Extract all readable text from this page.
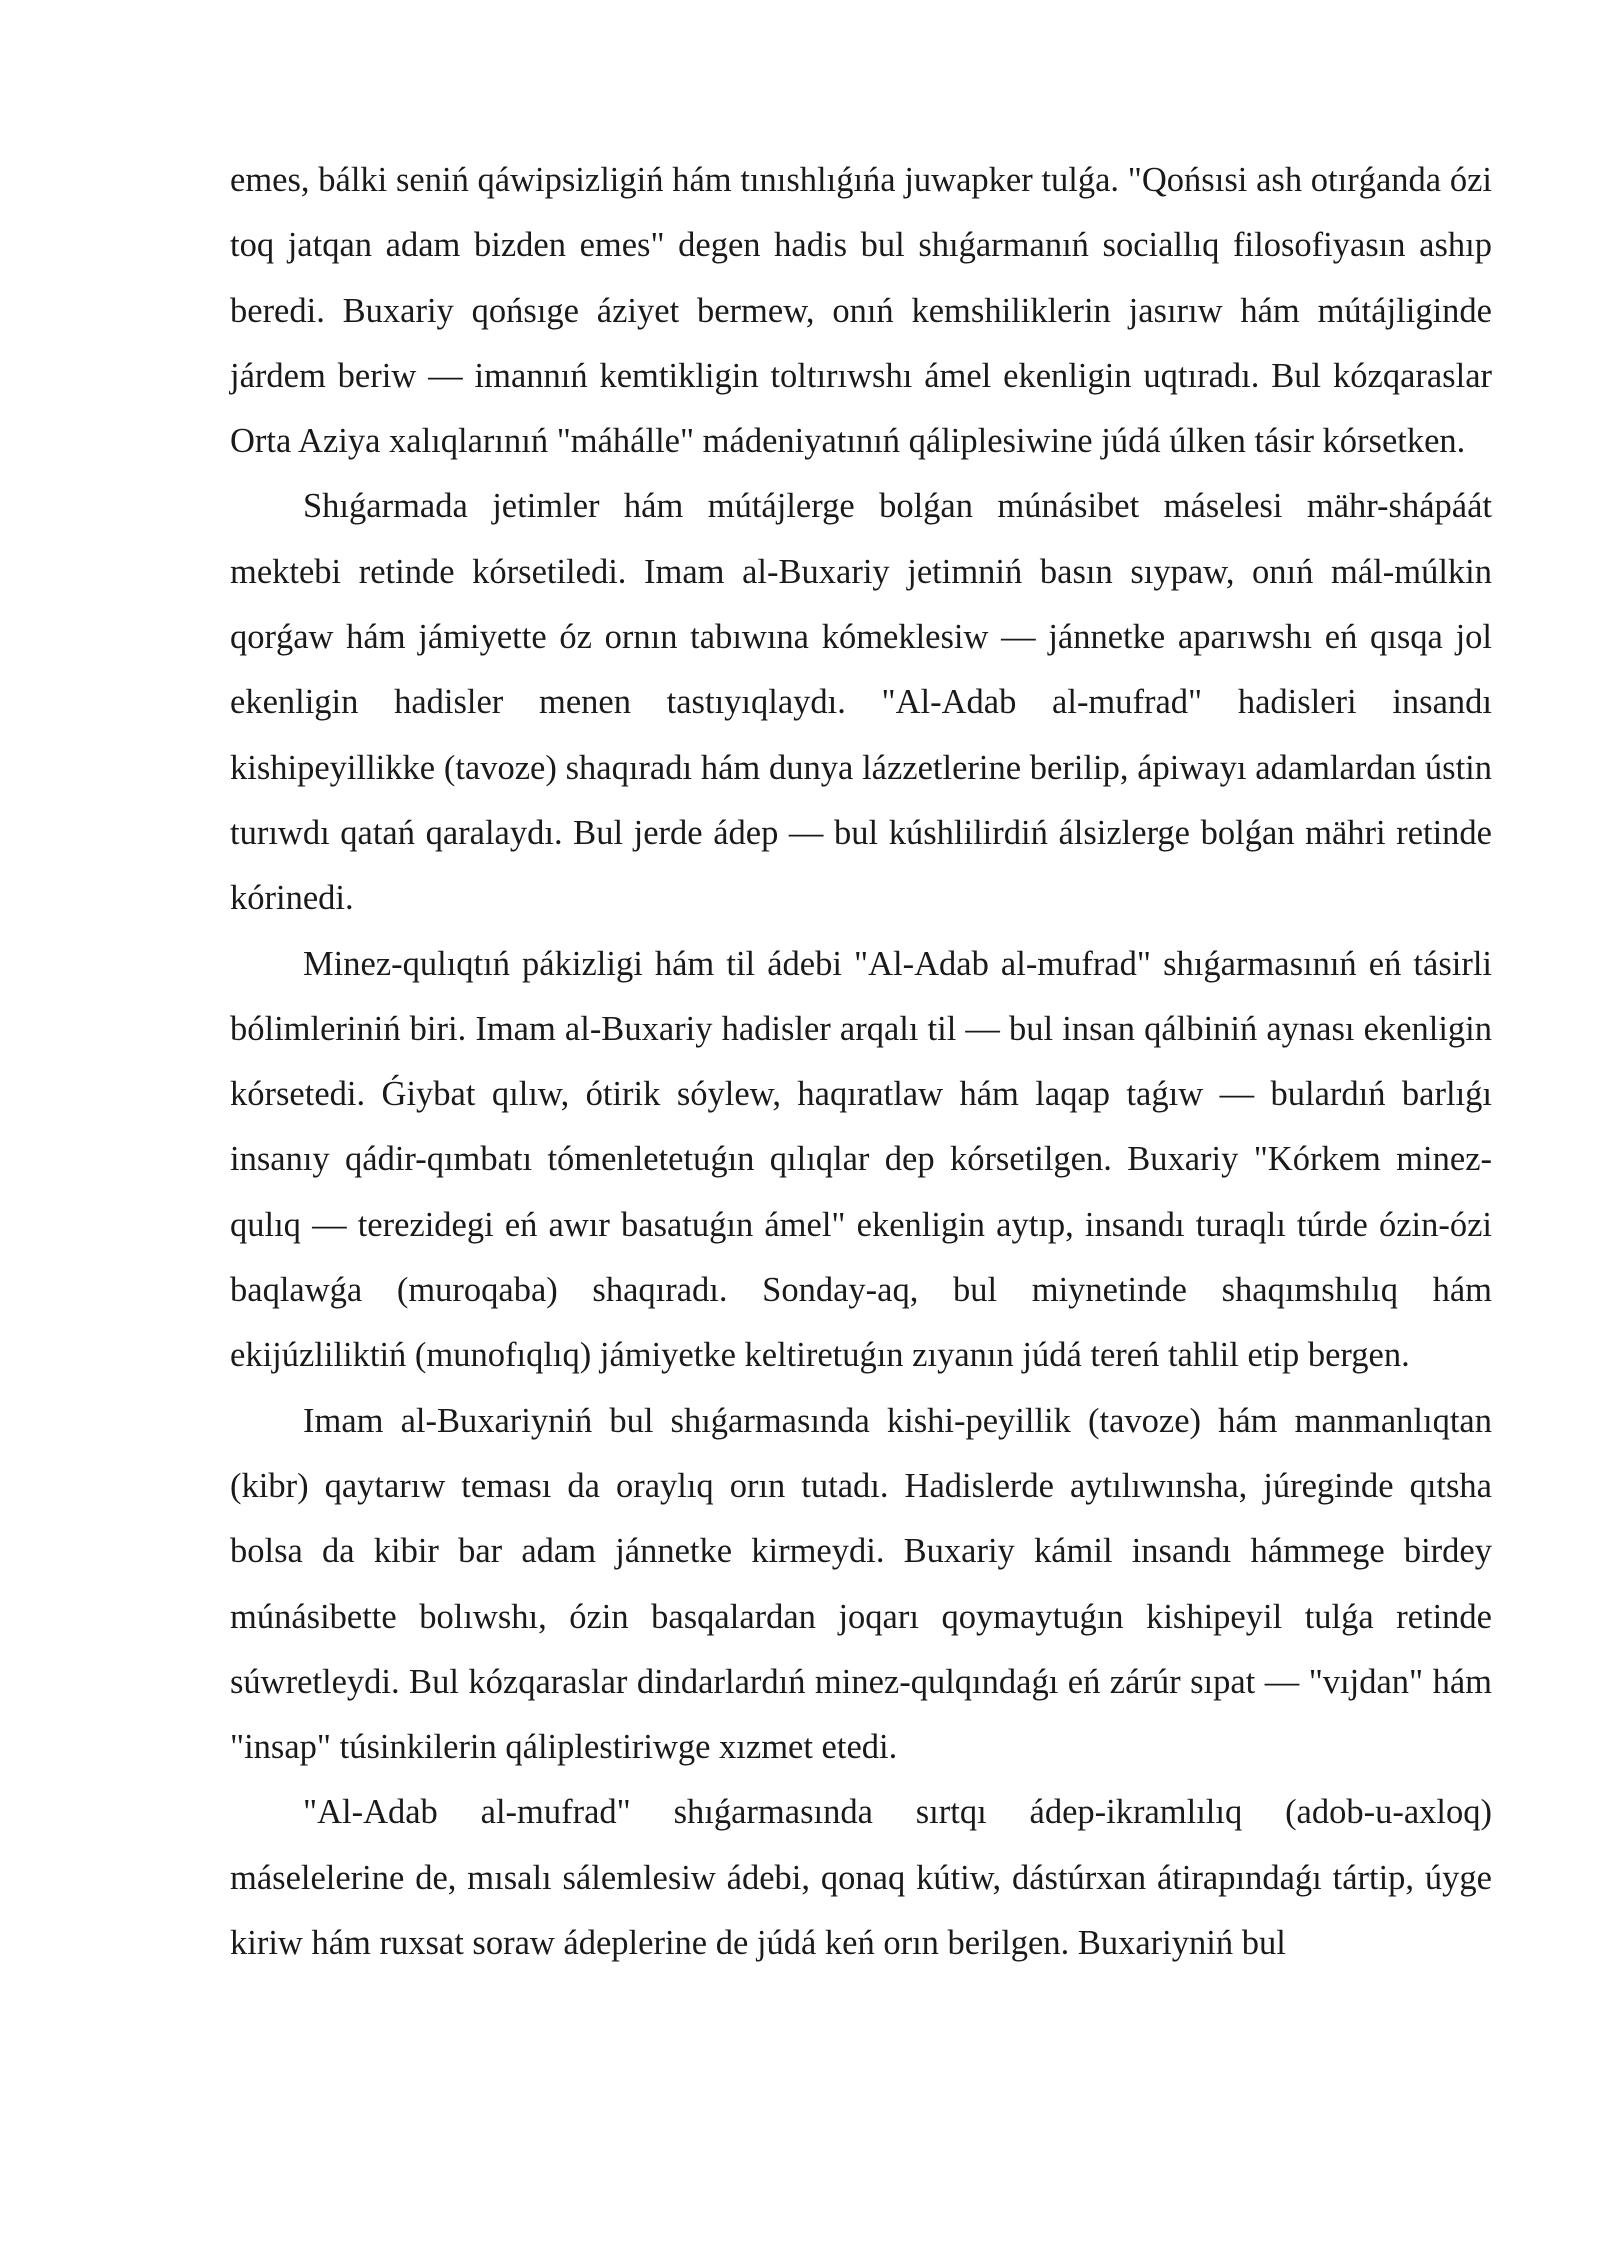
emes, bálki seniń qáwipsizligiń hám tınıshlıǵıńa juwapker tulǵa. "Qońsısi ash otırǵanda ózi toq jatqan adam bizden emes" degen hadis bul shıǵarmanıń sociallıq filosofiyasın ashıp beredi. Buxariy qońsıge áziyet bermew, onıń kemshiliklerin jasırıw hám mútájliginde járdem beriw — imannıń kemtikligin toltırıwshı ámel ekenligin uqtıradı. Bul kózqaraslar Orta Aziya xalıqlarınıń "máhálle" mádeniyatınıń qáliplesiwine júdá úlken tásir kórsetken.

Shıǵarmada jetimler hám mútájlerge bolǵan múnásibet máselesi mähr-shápáát mektebi retinde kórsetiledi. Imam al-Buxariy jetimniń basın sıypaw, onıń mál-múlkin qorǵaw hám jámiyette óz ornın tabıwına kómeklesiw — jánnetke aparıwshı eń qısqa jol ekenligin hadisler menen tastıyıqlaydı. "Al-Adab al-mufrad" hadisleri insandı kishipeyillikke (tavoze) shaqıradı hám dunya lázzetlerine berilip, ápiwayı adamlardan ústin turıwdı qatań qaralaydı. Bul jerde ádep — bul kúshlilirdiń álsizlerge bolǵan mähri retinde kórinedi.

Minez-qulıqtıń pákizligi hám til ádebi "Al-Adab al-mufrad" shıǵarmasınıń eń tásirli bólimleriniń biri. Imam al-Buxariy hadisler arqalı til — bul insan qálbiniń aynası ekenligin kórsetedi. Ǵiybat qılıw, ótirik sóylew, haqıratlaw hám laqap taǵıw — bulardıń barlıǵı insanıy qádir-qımbatı tómenletetuǵın qılıqlar dep kórsetilgen. Buxariy "Kórkem minez-qulıq — terezidegi eń awır basatuǵın ámel" ekenligin aytıp, insandı turaqlı túrde ózin-ózi baqlawǵa (muroqaba) shaqıradı. Sonday-aq, bul miynetinde shaqımshılıq hám ekijúzliliktiń (munofıqlıq) jámiyetke keltiretuǵın zıyanın júdá tereń tahlil etip bergen.

Imam al-Buxariyniń bul shıǵarmasında kishi-peyillik (tavoze) hám manmanlıqtan (kibr) qaytarıw teması da oraylıq orın tutadı. Hadislerde aytılıwınsha, júreginde qıtsha bolsa da kibir bar adam jánnetke kirmeydi. Buxariy kámil insandı hámmege birdey múnásibette bolıwshı, ózin basqalardan joqarı qoymaytuǵın kishipeyil tulǵa retinde súwretleydi. Bul kózqaraslar dindarlardıń minez-qulqındaǵı eń zárúr sıpat — "vıjdan" hám "insap" túsinkilerin qáliplestiriwge xızmet etedi.

"Al-Adab al-mufrad" shıǵarmasında sırtqı ádep-ikramlılıq (adob-u-axloq) máselelerine de, mısalı sálemlesiw ádebi, qonaq kútiw, dástúrxan átirapındaǵı tártip, úyge kiriw hám ruxsat soraw ádeplerine de júdá keń orın berilgen. Buxariyniń bul
